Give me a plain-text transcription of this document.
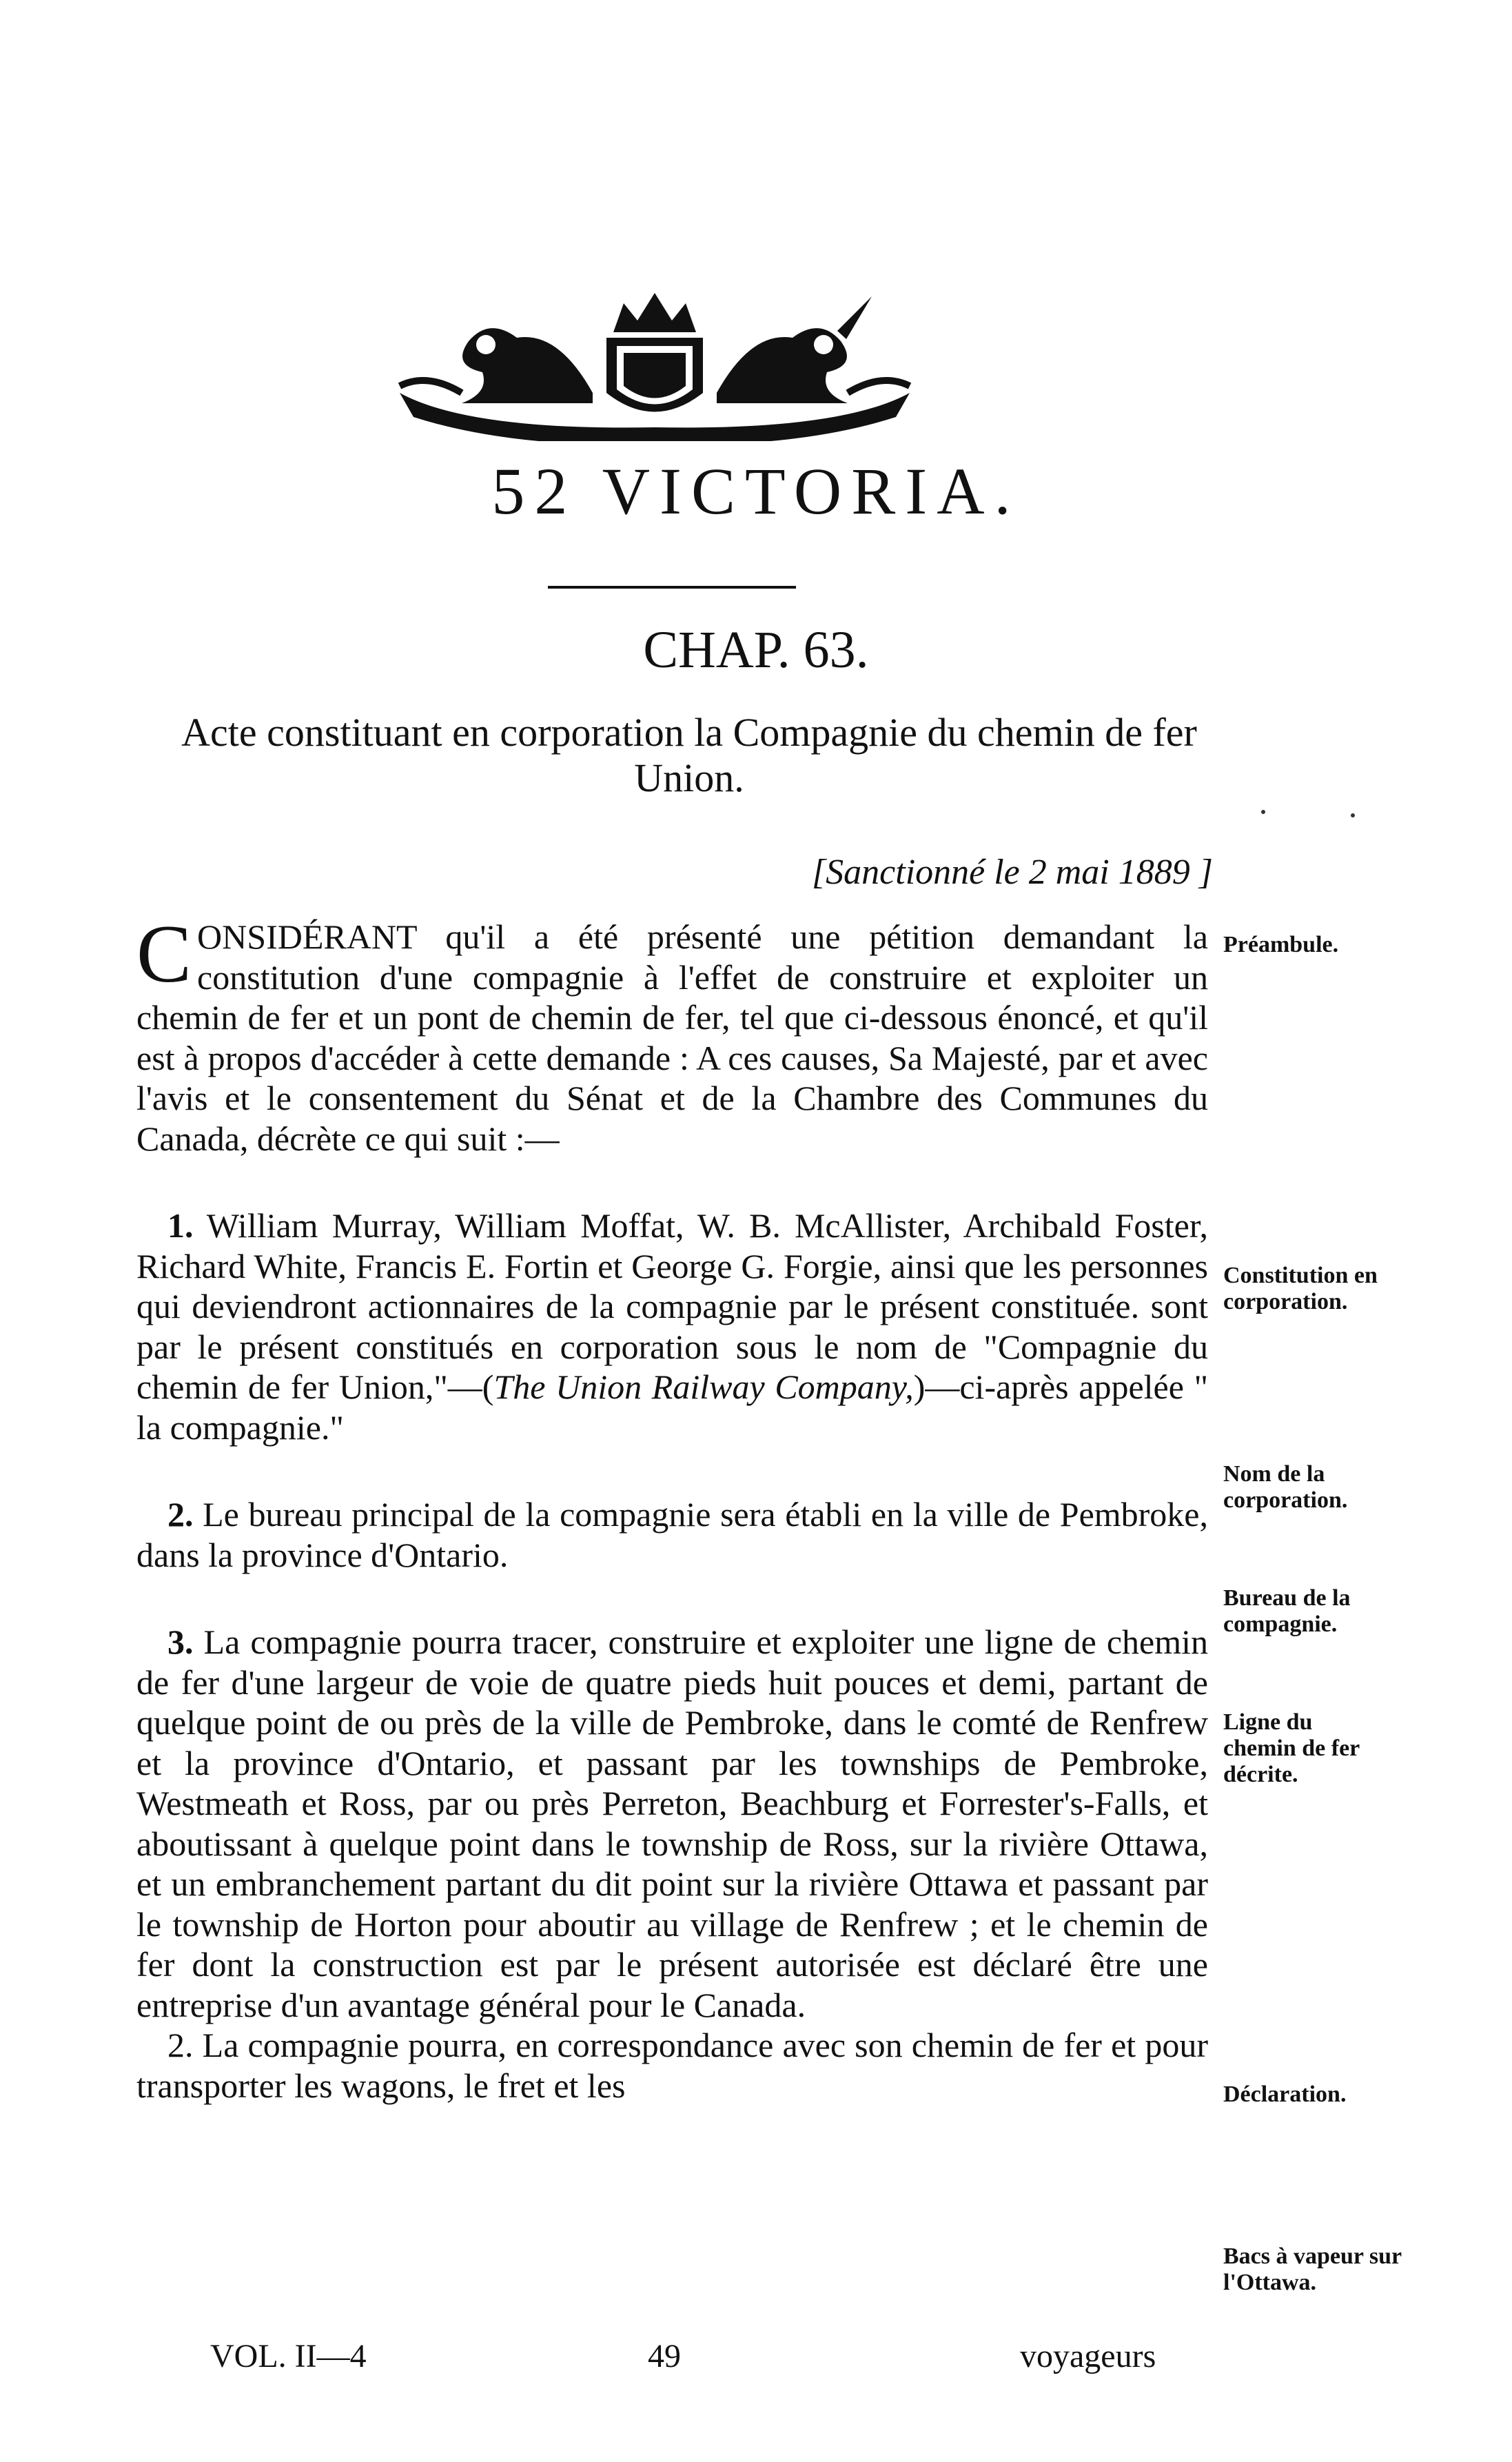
52 VICTORIA.
CHAP. 63.
Acte constituant en corporation la Compagnie du chemin de fer Union.
[Sanctionné le 2 mai 1889 ]

CONSIDÉRANT qu'il a été présenté une pétition demandant la constitution d'une compagnie à l'effet de construire et exploiter un chemin de fer et un pont de chemin de fer, tel que ci-dessous énoncé, et qu'il est à propos d'accéder à cette demande : A ces causes, Sa Majesté, par et avec l'avis et le consentement du Sénat et de la Chambre des Communes du Canada, décrète ce qui suit :—

1. William Murray, William Moffat, W. B. McAllister, Archibald Foster, Richard White, Francis E. Fortin et George G. Forgie, ainsi que les personnes qui deviendront actionnaires de la compagnie par le présent constituée. sont par le présent constitués en corporation sous le nom de "Compagnie du chemin de fer Union,"—(The Union Railway Company,)—ci-après appelée " la compagnie."

2. Le bureau principal de la compagnie sera établi en la ville de Pembroke, dans la province d'Ontario.

3. La compagnie pourra tracer, construire et exploiter une ligne de chemin de fer d'une largeur de voie de quatre pieds huit pouces et demi, partant de quelque point de ou près de la ville de Pembroke, dans le comté de Renfrew et la province d'Ontario, et passant par les townships de Pembroke, Westmeath et Ross, par ou près Perreton, Beachburg et Forrester's-Falls, et aboutissant à quelque point dans le township de Ross, sur la rivière Ottawa, et un embranchement partant du dit point sur la rivière Ottawa et passant par le township de Horton pour aboutir au village de Renfrew ; et le chemin de fer dont la construction est par le présent autorisée est déclaré être une entreprise d'un avantage général pour le Canada.

2. La compagnie pourra, en correspondance avec son chemin de fer et pour transporter les wagons, le fret et les

Préambule.
Constitution en corporation.
Nom de la corporation.
Bureau de la compagnie.
Ligne du chemin de fer décrite.
Déclaration.
Bacs à vapeur sur l'Ottawa.
VOL. II—4	49	voyageurs
